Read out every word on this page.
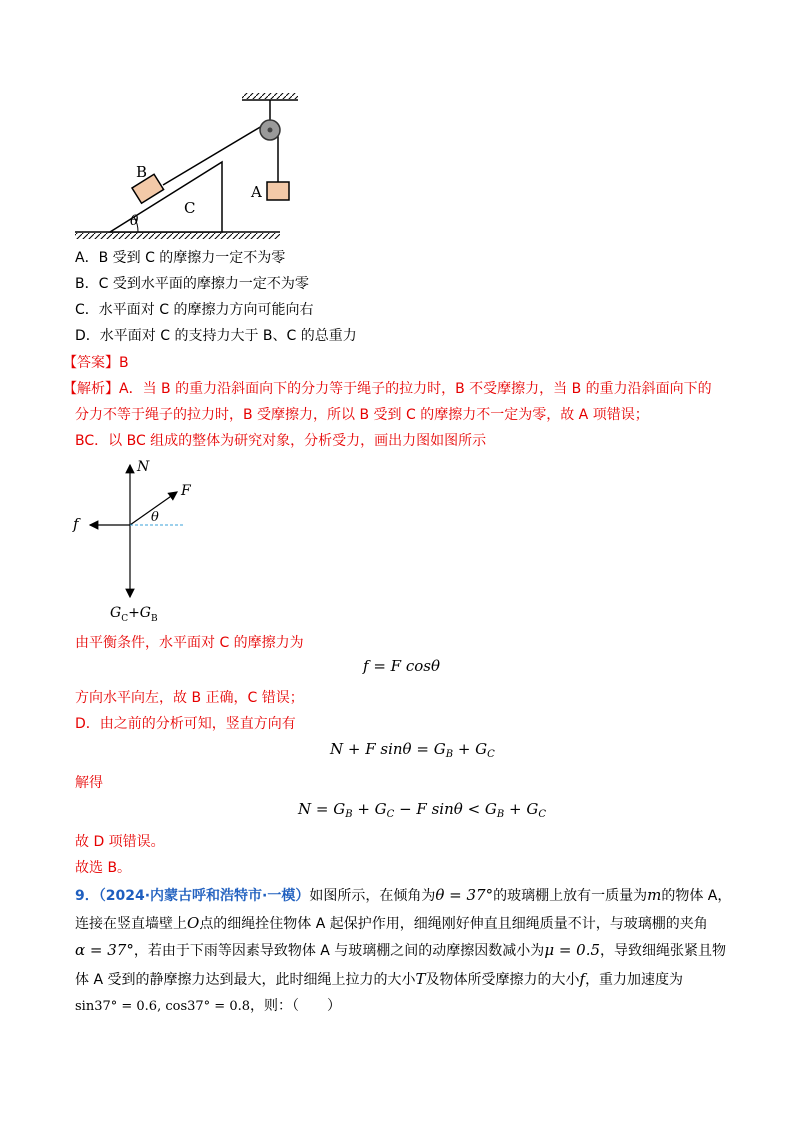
B
C
A
θ
A．B 受到 C 的摩擦力一定不为零
B．C 受到水平面的摩擦力一定不为零
C．水平面对 C 的摩擦力方向可能向右
D．水平面对 C 的支持力大于 B、C 的总重力
【答案】B
【解析】A．当 B 的重力沿斜面向下的分力等于绳子的拉力时，B 不受摩擦力，当 B 的重力沿斜面向下的
分力不等于绳子的拉力时，B 受摩擦力，所以 B 受到 C 的摩擦力不一定为零，故 A 项错误；
BC．以 BC 组成的整体为研究对象，分析受力，画出力图如图所示
N
F
f	θ
$G_C+G_B$
由平衡条件，水平面对 C 的摩擦力为
f = F cosθ
方向水平向左，故 B 正确，C 错误；
D．由之前的分析可知，竖直方向有
N + F $\sin\theta = G_B + G_C$
解得
$N = G_B + G_C - F$ $\sin\theta < G_B + G_C$
故 D 项错误。
故选 B。
9．（2024·内蒙古呼和浩特市·一模）如图所示，在倾角为θ = 37°的玻璃棚上放有一质量为m的物体 A，
连接在竖直墙壁上O点的细绳拴住物体 A 起保护作用，细绳刚好伸直且细绳质量不计，与玻璃棚的夹角
α = 37°，若由于下雨等因素导致物体 A 与玻璃棚之间的动摩擦因数减小为μ = 0.5，导致细绳张紧且物
体 A 受到的静摩擦力达到最大，此时细绳上拉力的大小T及物体所受摩擦力的大小f，重力加速度为
sin37° = 0.6, cos37° = 0.8，则：（　　）
